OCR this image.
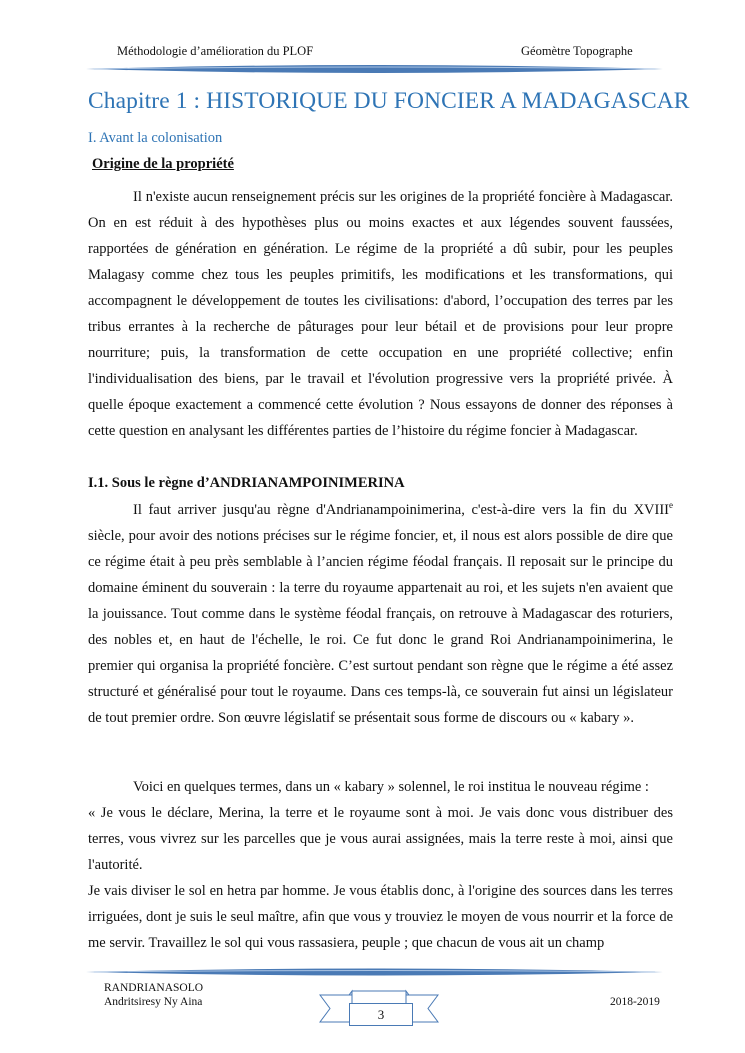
Méthodologie d’amélioration du PLOF	Géomètre Topographe
Chapitre 1 : HISTORIQUE DU FONCIER A MADAGASCAR
I. Avant la colonisation
Origine de la propriété

Il n'existe aucun renseignement précis sur les origines de la propriété foncière à Madagascar. On en est réduit à des hypothèses plus ou moins exactes et aux légendes souvent faussées, rapportées de génération en génération. Le régime de la propriété a dû subir, pour les peuples Malagasy comme chez tous les peuples primitifs, les modifications et les transformations, qui accompagnent le développement de toutes les civilisations: d'abord, l’occupation des terres par les tribus errantes à la recherche de pâturages pour leur bétail et de provisions pour leur propre nourriture; puis, la transformation de cette occupation en une propriété collective; enfin l'individualisation des biens, par le travail et l'évolution progressive vers la propriété privée. À quelle époque exactement a commencé cette évolution ? Nous essayons de donner des réponses à cette question en analysant les différentes parties de l’histoire du régime foncier à Madagascar.

I.1. Sous le règne d’ANDRIANAMPOINIMERINA

Il faut arriver jusqu'au règne d'Andrianampoinimerina, c'est-à-dire vers la fin du XVIIIe siècle, pour avoir des notions précises sur le régime foncier, et, il nous est alors possible de dire que ce régime était à peu près semblable à l’ancien régime féodal français. Il reposait sur le principe du domaine éminent du souverain : la terre du royaume appartenait au roi, et les sujets n'en avaient que la jouissance. Tout comme dans le système féodal français, on retrouve à Madagascar des roturiers, des nobles et, en haut de l'échelle, le roi. Ce fut donc le grand Roi Andrianampoinimerina, le premier qui organisa la propriété foncière. C’est surtout pendant son règne que le régime a été assez structuré et généralisé pour tout le royaume. Dans ces temps-là, ce souverain fut ainsi un législateur de tout premier ordre. Son œuvre législatif se présentait sous forme de discours ou « kabary ».

Voici en quelques termes, dans un « kabary » solennel, le roi institua le nouveau régime :

« Je vous le déclare, Merina, la terre et le royaume sont à moi. Je vais donc vous distribuer des terres, vous vivrez sur les parcelles que je vous aurai assignées, mais la terre reste à moi, ainsi que l'autorité.

Je vais diviser le sol en hetra par homme. Je vous établis donc, à l'origine des sources dans les terres irriguées, dont je suis le seul maître, afin que vous y trouviez le moyen de vous nourrir et la force de me servir. Travaillez le sol qui vous rassasiera, peuple ; que chacun de vous ait un champ

RANDRIANASOLO
Andritsiresy Ny Aina
3
2018-2019
